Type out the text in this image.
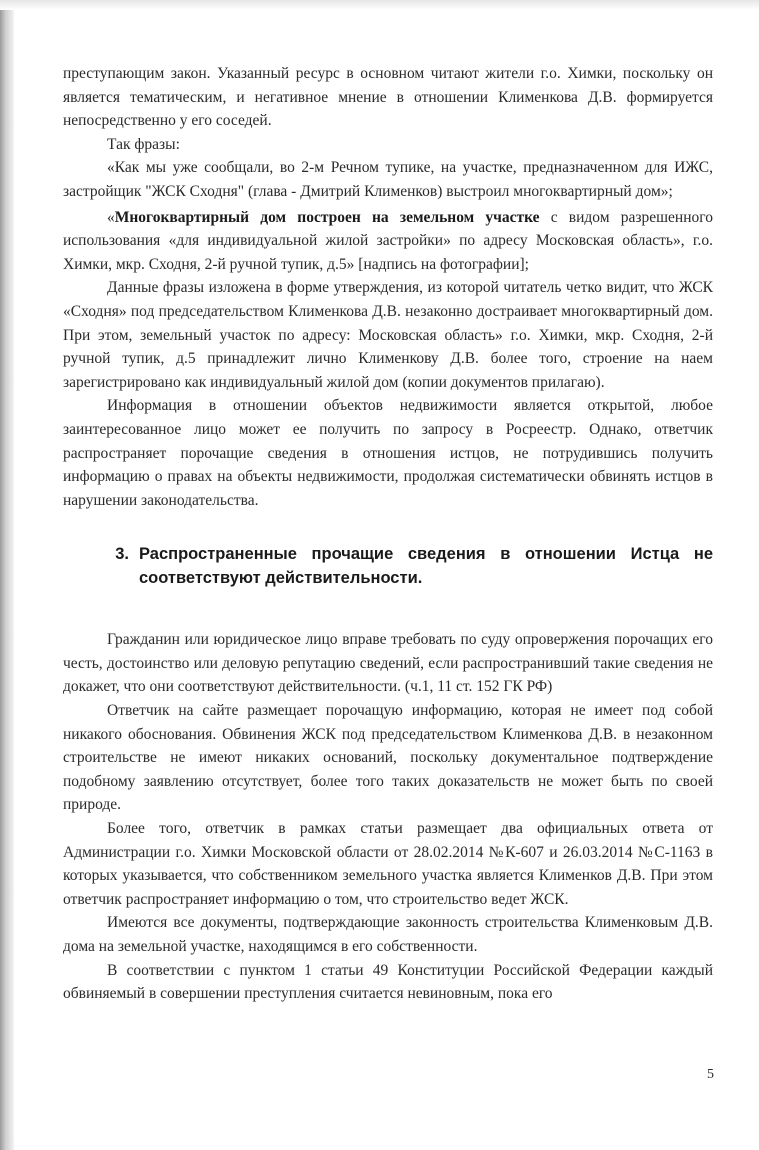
преступающим закон. Указанный ресурс в основном читают жители г.о. Химки, поскольку он является тематическим, и негативное мнение в отношении Клименкова Д.В. формируется непосредственно у его соседей.

Так фразы:

«Как мы уже сообщали, во 2-м Речном тупике, на участке, предназначенном для ИЖС, застройщик "ЖСК Сходня" (глава - Дмитрий Клименков) выстроил многоквартирный дом»;

«Многоквартирный дом построен на земельном участке с видом разрешенного использования «для индивидуальной жилой застройки» по адресу Московская область», г.о. Химки, мкр. Сходня, 2-й ручной тупик, д.5» [надпись на фотографии];

Данные фразы изложена в форме утверждения, из которой читатель четко видит, что ЖСК «Сходня» под председательством Клименкова Д.В. незаконно достраивает многоквартирный дом. При этом, земельный участок по адресу: Московская область» г.о. Химки, мкр. Сходня, 2-й ручной тупик, д.5 принадлежит лично Клименкову Д.В. более того, строение на наем зарегистрировано как индивидуальный жилой дом (копии документов прилагаю).

Информация в отношении объектов недвижимости является открытой, любое заинтересованное лицо может ее получить по запросу в Росреестр. Однако, ответчик распространяет порочащие сведения в отношения истцов, не потрудившись получить информацию о правах на объекты недвижимости, продолжая систематически обвинять истцов в нарушении законодательства.

3. Распространенные прочащие сведения в отношении Истца не соответствуют действительности.

Гражданин или юридическое лицо вправе требовать по суду опровержения порочащих его честь, достоинство или деловую репутацию сведений, если распространивший такие сведения не докажет, что они соответствуют действительности. (ч.1, 11 ст. 152 ГК РФ)

Ответчик на сайте размещает порочащую информацию, которая не имеет под собой никакого обоснования. Обвинения ЖСК под председательством Клименкова Д.В. в незаконном строительстве не имеют никаких оснований, поскольку документальное подтверждение подобному заявлению отсутствует, более того таких доказательств не может быть по своей природе.

Более того, ответчик в рамках статьи размещает два официальных ответа от Администрации г.о. Химки Московской области от 28.02.2014 №К-607 и 26.03.2014 №С-1163 в которых указывается, что собственником земельного участка является Клименков Д.В. При этом ответчик распространяет информацию о том, что строительство ведет ЖСК.

Имеются все документы, подтверждающие законность строительства Клименковым Д.В. дома на земельной участке, находящимся в его собственности.

В соответствии с пунктом 1 статьи 49 Конституции Российской Федерации каждый обвиняемый в совершении преступления считается невиновным, пока его

5
